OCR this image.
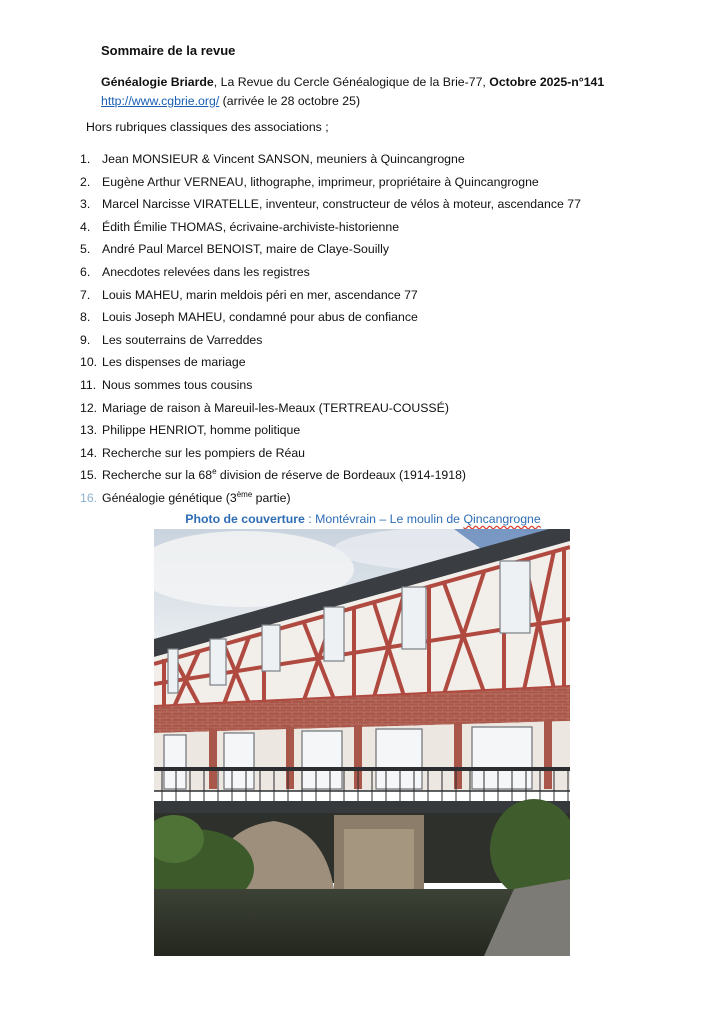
Sommaire de la revue
Généalogie Briarde, La Revue du Cercle Généalogique de la Brie-77, Octobre 2025-n°141
http://www.cgbrie.org/ (arrivée le 28 octobre 25)
Hors rubriques classiques des associations ;
1. Jean MONSIEUR & Vincent SANSON, meuniers à Quincangrogne
2. Eugène Arthur VERNEAU, lithographe, imprimeur, propriétaire à Quincangrogne
3. Marcel Narcisse VIRATELLE, inventeur, constructeur de vélos à moteur, ascendance 77
4. Édith Émilie THOMAS, écrivaine-archiviste-historienne
5. André Paul Marcel BENOIST, maire de Claye-Souilly
6. Anecdotes relevées dans les registres
7. Louis MAHEU, marin meldois péri en mer, ascendance 77
8. Louis Joseph MAHEU, condamné pour abus de confiance
9. Les souterrains de Varreddes
10. Les dispenses de mariage
11. Nous sommes tous cousins
12. Mariage de raison à Mareuil-les-Meaux (TERTREAU-COUSSÉ)
13. Philippe HENRIOT, homme politique
14. Recherche sur les pompiers de Réau
15. Recherche sur la 68e division de réserve de Bordeaux (1914-1918)
16. Généalogie génétique (3ème partie)
Photo de couverture : Montévrain – Le moulin de Qincangrogne
